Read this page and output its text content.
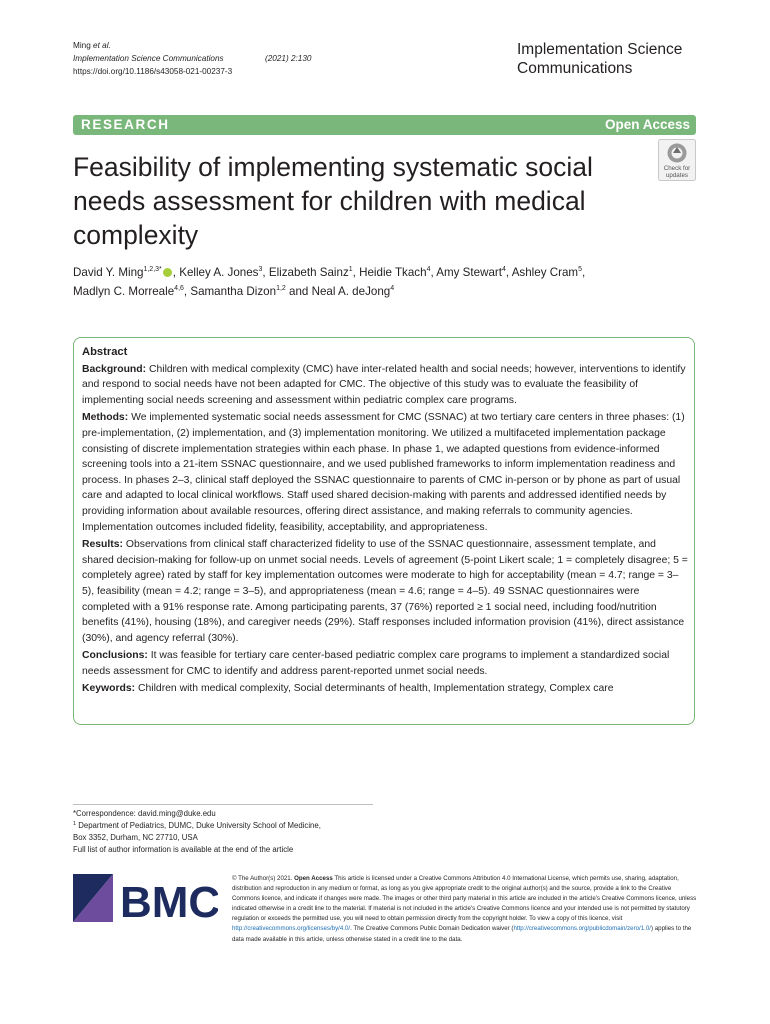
Ming et al.
Implementation Science Communications	(2021) 2:130
https://doi.org/10.1186/s43058-021-00237-3
Implementation Science
Communications
RESEARCH	Open Access
Feasibility of implementing systematic social
needs assessment for children with medical
complexity
Check for
updates
David Y. Ming$^{1,2,3*}$ , Kelley A. Jones$^3$, Elizabeth Sainz$^1$, Heidie Tkach$^4$, Amy Stewart$^4$, Ashley Cram$^5$,
Madlyn C. Morreale$^{4,6}$, Samantha Dizon$^{1,2}$ and Neal A. deJong$^4$
Abstract

Background: Children with medical complexity (CMC) have inter-related health and social needs; however, interventions to identify and respond to social needs have not been adapted for CMC. The objective of this study was to evaluate the feasibility of implementing social needs screening and assessment within pediatric complex care programs.

Methods: We implemented systematic social needs assessment for CMC (SSNAC) at two tertiary care centers in three phases: (1) pre-implementation, (2) implementation, and (3) implementation monitoring. We utilized a multifaceted implementation package consisting of discrete implementation strategies within each phase. In phase 1, we adapted questions from evidence-informed screening tools into a 21-item SSNAC questionnaire, and we used published frameworks to inform implementation readiness and process. In phases 2–3, clinical staff deployed the SSNAC questionnaire to parents of CMC in-person or by phone as part of usual care and adapted to local clinical workflows. Staff used shared decision-making with parents and addressed identified needs by providing information about available resources, offering direct assistance, and making referrals to community agencies. Implementation outcomes included fidelity, feasibility, acceptability, and appropriateness.

Results: Observations from clinical staff characterized fidelity to use of the SSNAC questionnaire, assessment template, and shared decision-making for follow-up on unmet social needs. Levels of agreement (5-point Likert scale; 1 = completely disagree; 5 = completely agree) rated by staff for key implementation outcomes were moderate to high for acceptability (mean = 4.7; range = 3–5), feasibility (mean = 4.2; range = 3–5), and appropriateness (mean = 4.6; range = 4–5). 49 SSNAC questionnaires were completed with a 91% response rate. Among participating parents, 37 (76%) reported ≥ 1 social need, including food/nutrition benefits (41%), housing (18%), and caregiver needs (29%). Staff responses included information provision (41%), direct assistance (30%), and agency referral (30%).

Conclusions: It was feasible for tertiary care center-based pediatric complex care programs to implement a standardized social needs assessment for CMC to identify and address parent-reported unmet social needs.

Keywords: Children with medical complexity, Social determinants of health, Implementation strategy, Complex care

*Correspondence: david.ming@duke.edu
$^1$ Department of Pediatrics, DUMC, Duke University School of Medicine,
Box 3352, Durham, NC 27710, USA
Full list of author information is available at the end of the article
BMC © The Author(s) 2021. Open Access This article is licensed under a Creative Commons Attribution 4.0 International License, which permits use, sharing, adaptation, distribution and reproduction in any medium or format, as long as you give appropriate credit to the original author(s) and the source, provide a link to the Creative Commons licence, and indicate if changes were made. The images or other third party material in this article are included in the article's Creative Commons licence, unless indicated otherwise in a credit line to the material. If material is not included in the article's Creative Commons licence and your intended use is not permitted by statutory regulation or exceeds the permitted use, you will need to obtain permission directly from the copyright holder. To view a copy of this licence, visit http://creativecommons.org/licenses/by/4.0/. The Creative Commons Public Domain Dedication waiver (http://creativecommons.org/publicdomain/zero/1.0/) applies to the data made available in this article, unless otherwise stated in a credit line to the data.
